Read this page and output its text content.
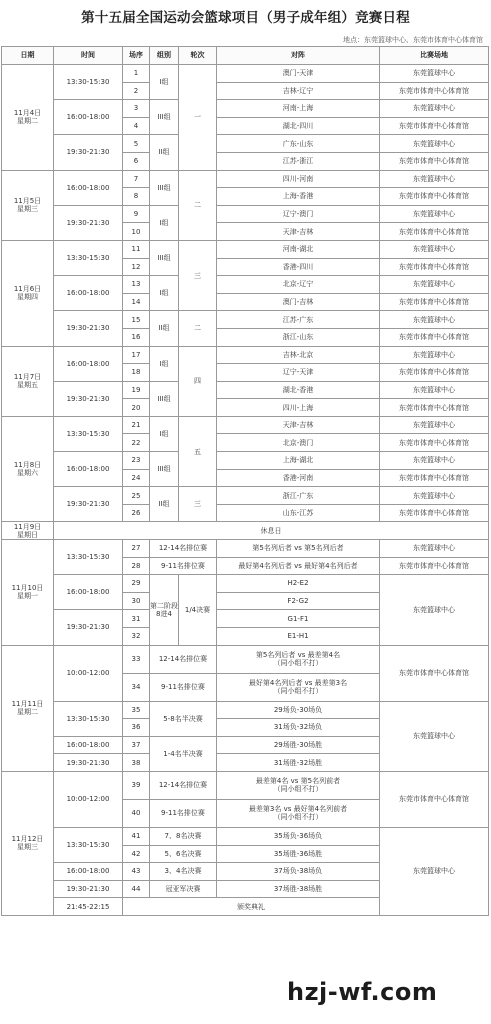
第十五届全国运动会篮球项目（男子成年组）竞赛日程
地点：东莞篮球中心、东莞市体育中心体育馆
日期	时间	场序	组别	轮次	对阵	比赛场地
11月4日
星期二	13:30-15:30	1	I组	一	澳门-天津	东莞篮球中心
		2			吉林-辽宁	东莞市体育中心体育馆
	16:00-18:00	3	III组		河南-上海	东莞篮球中心
		4			湖北-四川	东莞市体育中心体育馆
	19:30-21:30	5	II组		广东-山东	东莞篮球中心
		6			江苏-浙江	东莞市体育中心体育馆
11月5日
星期三	16:00-18:00	7	III组	二	四川-河南	东莞篮球中心
		8			上海-香港	东莞市体育中心体育馆
	19:30-21:30	9	I组		辽宁-澳门	东莞篮球中心
		10			天津-吉林	东莞市体育中心体育馆
11月6日
星期四	13:30-15:30	11	III组	三	河南-湖北	东莞篮球中心
		12			香港-四川	东莞市体育中心体育馆
	16:00-18:00	13	I组		北京-辽宁	东莞篮球中心
		14			澳门-吉林	东莞市体育中心体育馆
	19:30-21:30	15	II组	二	江苏-广东	东莞篮球中心
		16			浙江-山东	东莞市体育中心体育馆
11月7日
星期五	16:00-18:00	17	I组	四	吉林-北京	东莞篮球中心
		18			辽宁-天津	东莞市体育中心体育馆
	19:30-21:30	19	III组		湖北-香港	东莞篮球中心
		20			四川-上海	东莞市体育中心体育馆
11月8日
星期六	13:30-15:30	21	I组	五	天津-吉林	东莞篮球中心
		22			北京-澳门	东莞市体育中心体育馆
	16:00-18:00	23	III组		上海-湖北	东莞篮球中心
		24			香港-河南	东莞市体育中心体育馆
	19:30-21:30	25	II组	三	浙江-广东	东莞篮球中心
		26			山东-江苏	东莞市体育中心体育馆
11月9日
星期日	休息日					
11月10日
星期一	13:30-15:30	27	12-14名排位赛		第5名列后者 vs 第5名列后者	东莞篮球中心
		28	9-11名排位赛		最好第4名列后者 vs 最好第4名列后者	东莞市体育中心体育馆
	16:00-18:00	29	第二阶段8进4	1/4决赛	H2-E2	东莞篮球中心
		30			F2-G2	
	19:30-21:30	31			G1-F1	
		32			E1-H1	
11月11日
星期二	10:00-12:00	33	12-14名排位赛		第5名列后者 vs 最差第4名
（同小组不打）	东莞市体育中心体育馆
		34	9-11名排位赛		最好第4名列后者 vs 最差第3名
（同小组不打）	
	13:30-15:30	35	5-8名半决赛		29场负-30场负	东莞篮球中心
		36			31场负-32场负	
	16:00-18:00	37	1-4名半决赛		29场胜-30场胜	
	19:30-21:30	38			31场胜-32场胜	
11月12日
星期三	10:00-12:00	39	12-14名排位赛		最差第4名 vs 第5名列前者
（同小组不打）	东莞市体育中心体育馆
		40	9-11名排位赛		最差第3名 vs 最好第4名列前者
（同小组不打）	
	13:30-15:30	41	7、8名决赛		35场负-36场负	东莞篮球中心
		42	5、6名决赛		35场胜-36场胜	
	16:00-18:00	43	3、4名决赛		37场负-38场负	
	19:30-21:30	44	冠亚军决赛		37场胜-38场胜	
	21:45-22:15	颁奖典礼				
hzj-wf.com
